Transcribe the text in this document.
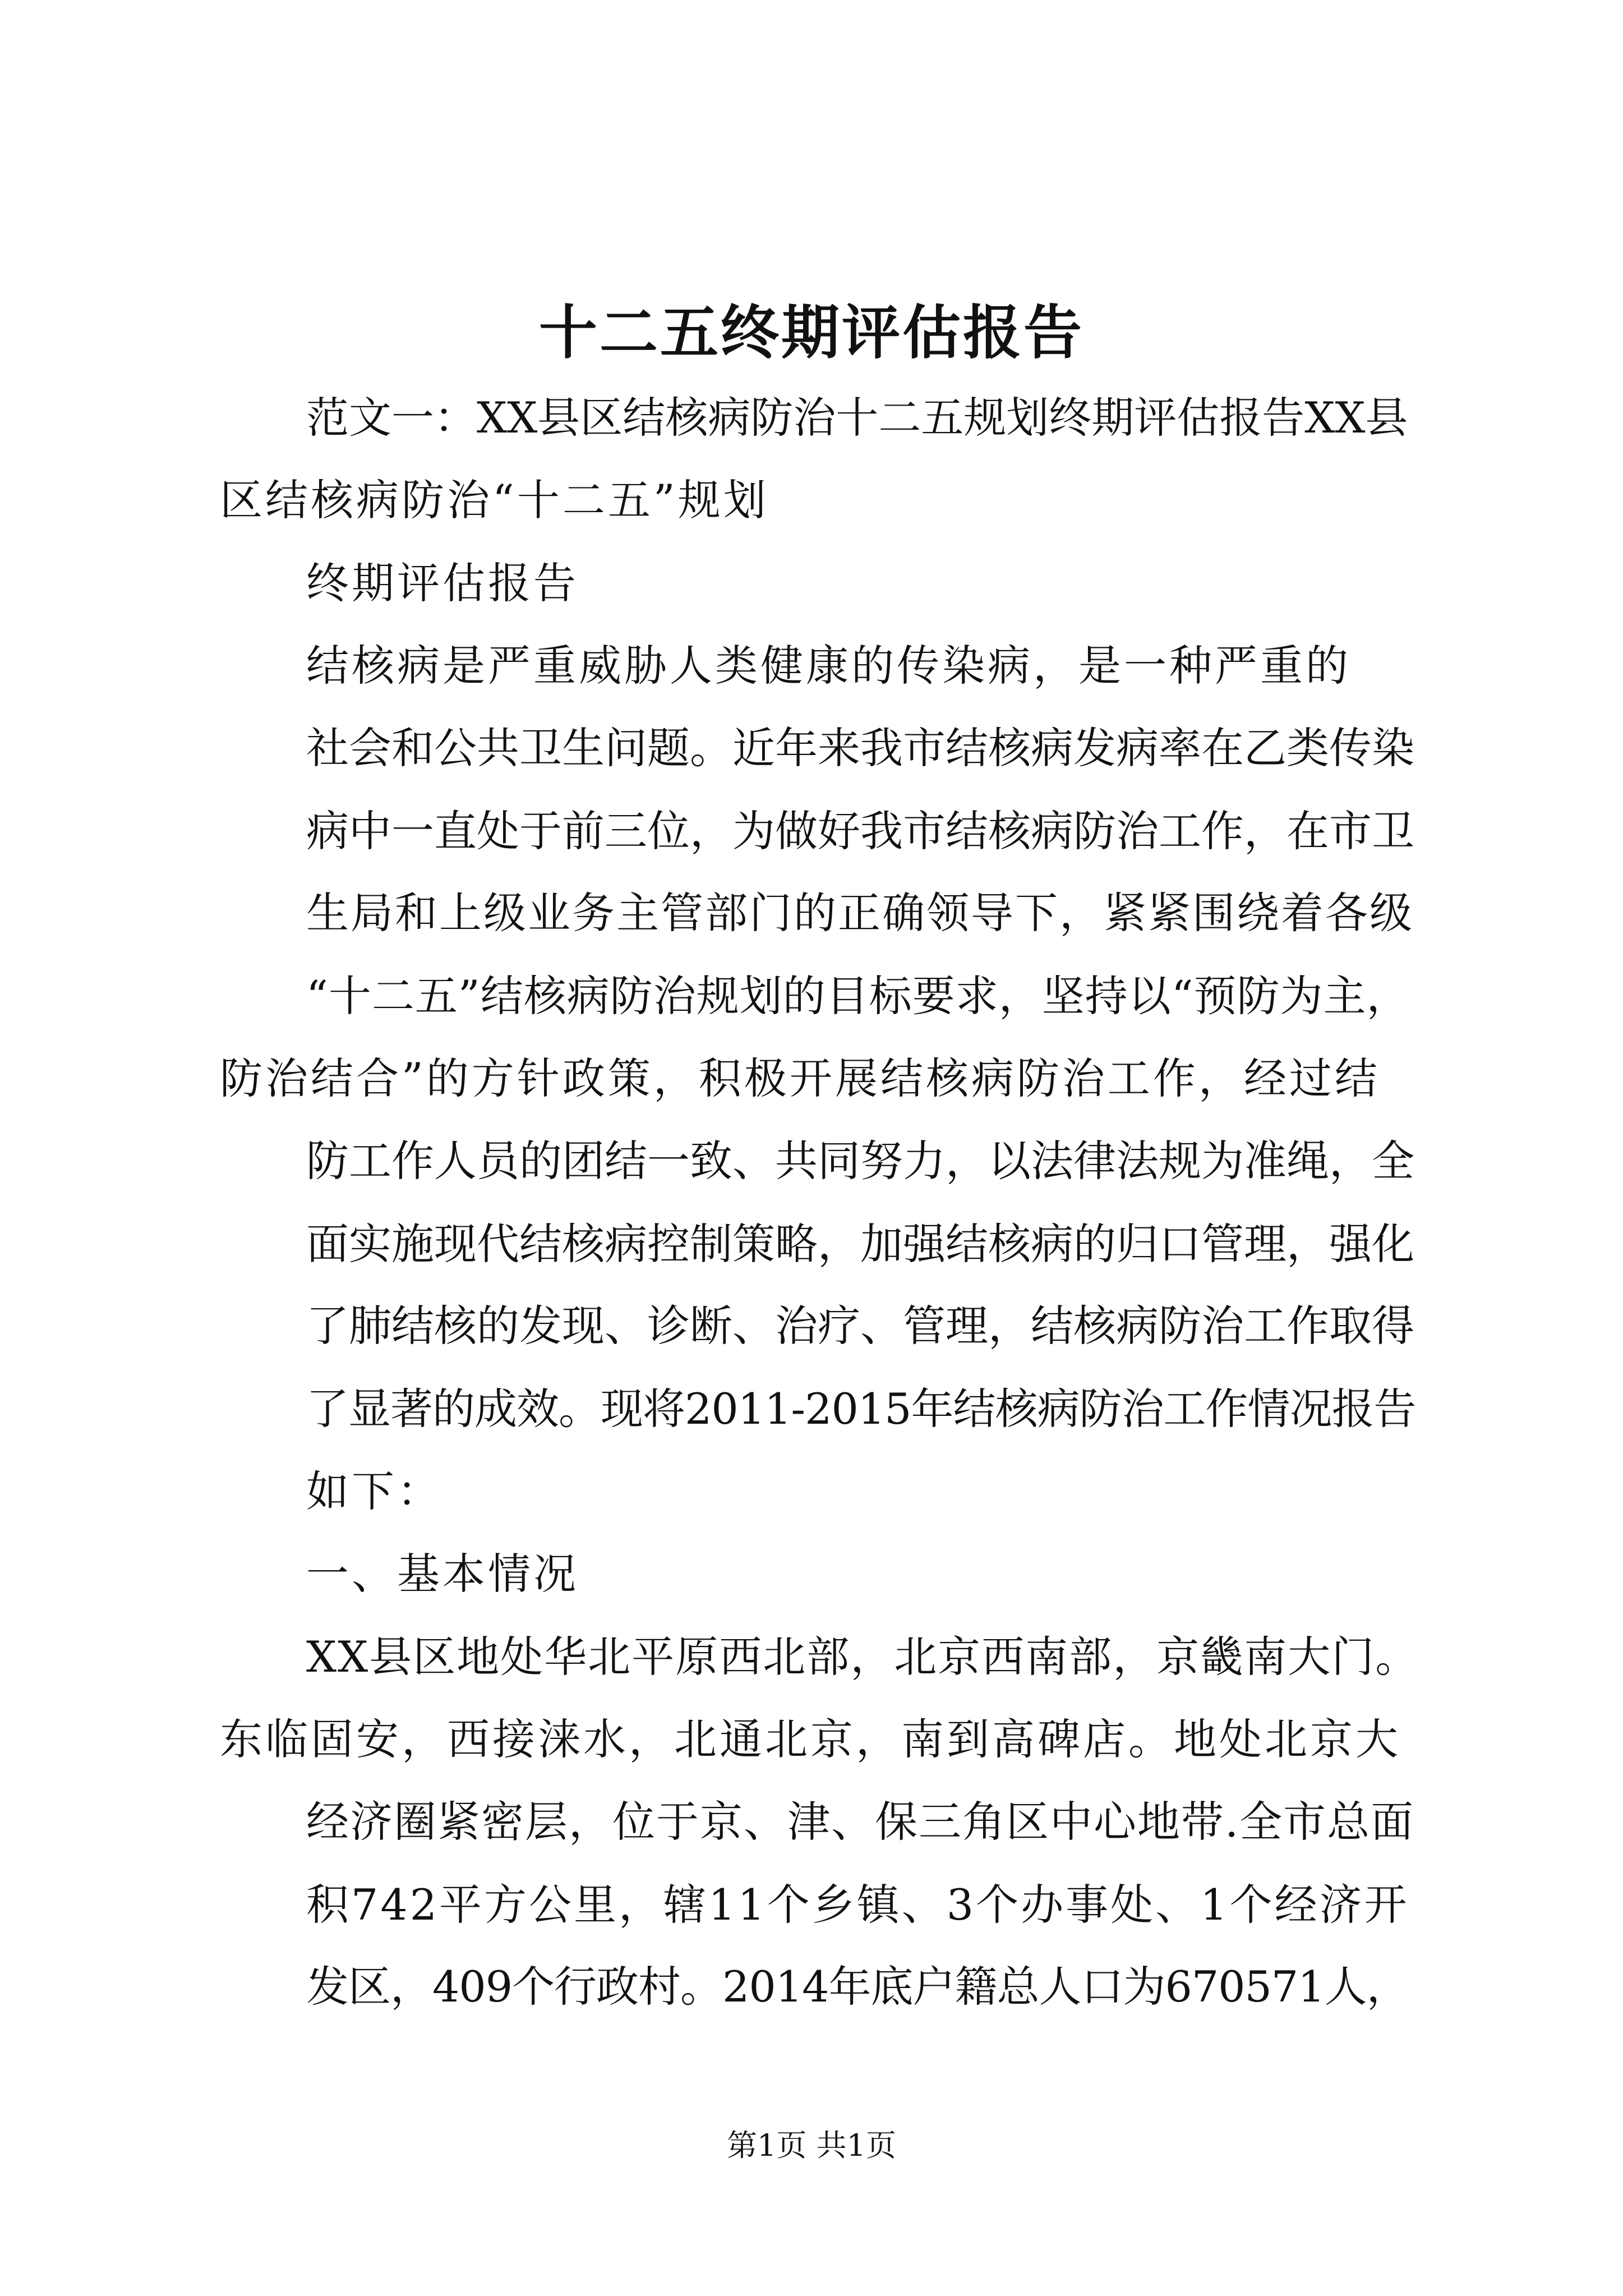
十二五终期评估报告
范文一：XX县区结核病防治十二五规划终期评估报告XX县
区结核病防治“十二五”规划
终期评估报告
结核病是严重威胁人类健康的传染病，是一种严重的
社会和公共卫生问题。近年来我市结核病发病率在乙类传染
病中一直处于前三位，为做好我市结核病防治工作，在市卫
生局和上级业务主管部门的正确领导下，紧紧围绕着各级
“十二五”结核病防治规划的目标要求，坚持以“预防为主，
防治结合”的方针政策，积极开展结核病防治工作，经过结
防工作人员的团结一致、共同努力，以法律法规为准绳，全
面实施现代结核病控制策略，加强结核病的归口管理，强化
了肺结核的发现、诊断、治疗、管理，结核病防治工作取得
了显著的成效。现将2011-2015年结核病防治工作情况报告
如下：
一、基本情况
XX县区地处华北平原西北部，北京西南部，京畿南大门。
东临固安，西接涞水，北通北京，南到高碑店。地处北京大
经济圈紧密层，位于京、津、保三角区中心地带.全市总面
积742平方公里，辖11个乡镇、3个办事处、1个经济开
发区，409个行政村。2014年底户籍总人口为670571人，
第1页 共1页
